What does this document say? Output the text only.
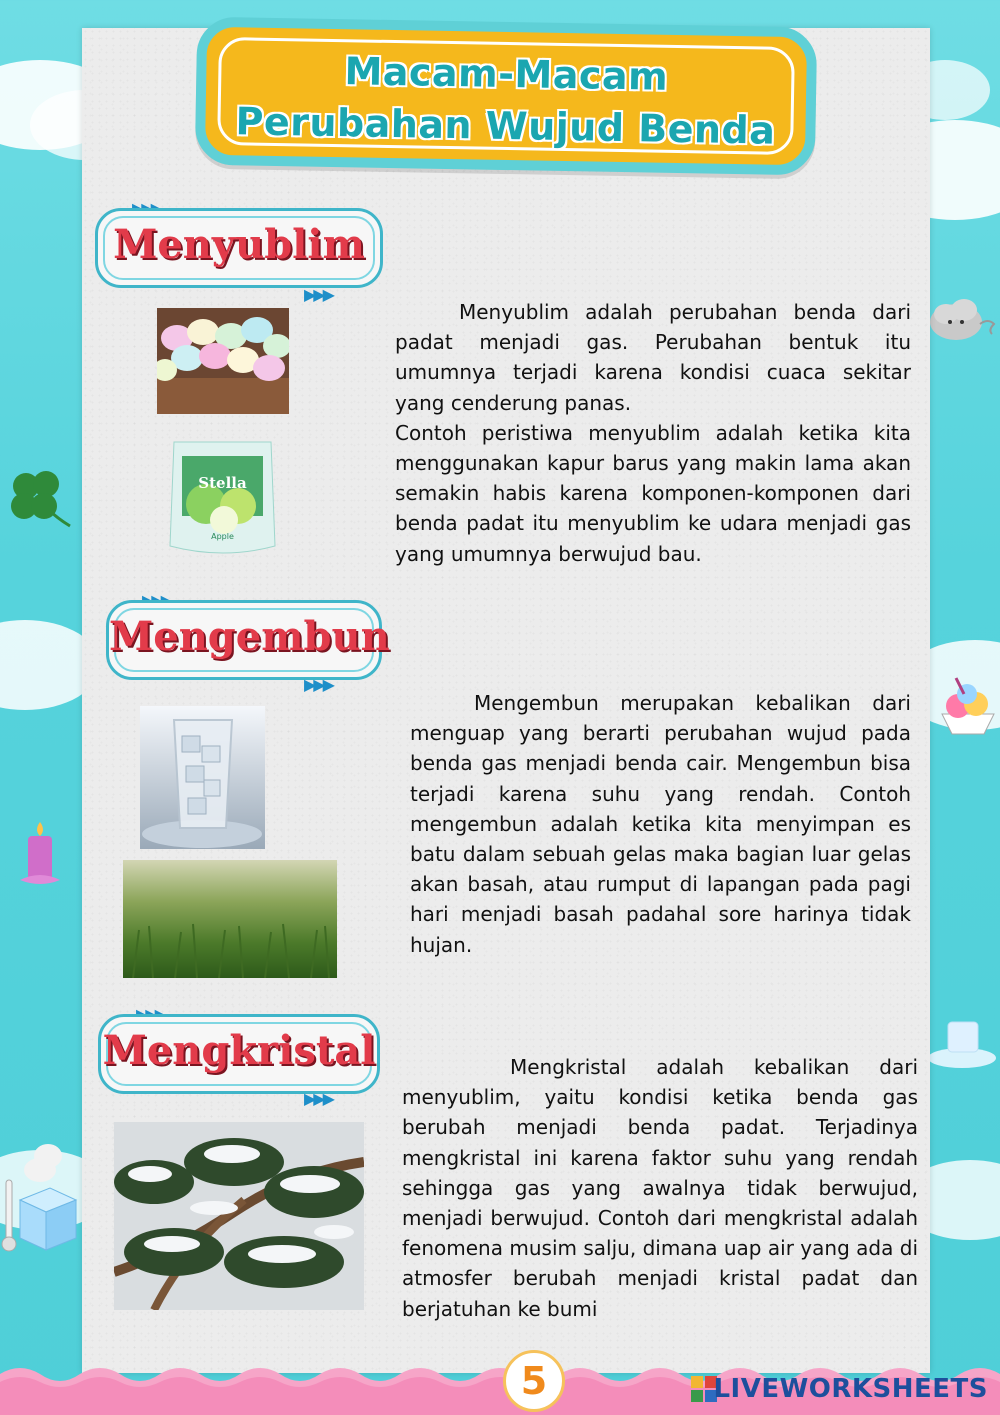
Macam-Macam
Perubahan Wujud Benda
Menyublim
▶▶▶
Stella
Apple

Menyublim adalah perubahan benda dari padat menjadi gas. Perubahan bentuk itu umumnya terjadi karena kondisi cuaca sekitar yang cenderung panas.

Contoh peristiwa menyublim adalah ketika kita menggunakan kapur barus yang makin lama akan semakin habis karena komponen-komponen dari benda padat itu menyublim ke udara menjadi gas yang umumnya berwujud bau.

Mengembun
▶▶▶

Mengembun merupakan kebalikan dari menguap yang berarti perubahan wujud pada benda gas menjadi benda cair. Mengembun bisa terjadi karena suhu yang rendah. Contoh mengembun adalah ketika kita menyimpan es batu dalam sebuah gelas maka bagian luar gelas akan basah, atau rumput di lapangan pada pagi hari menjadi basah padahal sore harinya tidak hujan.

Mengkristal
▶▶▶

Mengkristal adalah kebalikan dari menyublim, yaitu kondisi ketika benda gas berubah menjadi benda padat. Terjadinya mengkristal ini karena faktor suhu yang rendah sehingga gas yang awalnya tidak berwujud, menjadi berwujud. Contoh dari mengkristal adalah fenomena musim salju, dimana uap air yang ada di atmosfer berubah menjadi kristal padat dan berjatuhan ke bumi

5	LIVEWORKSHEETS
